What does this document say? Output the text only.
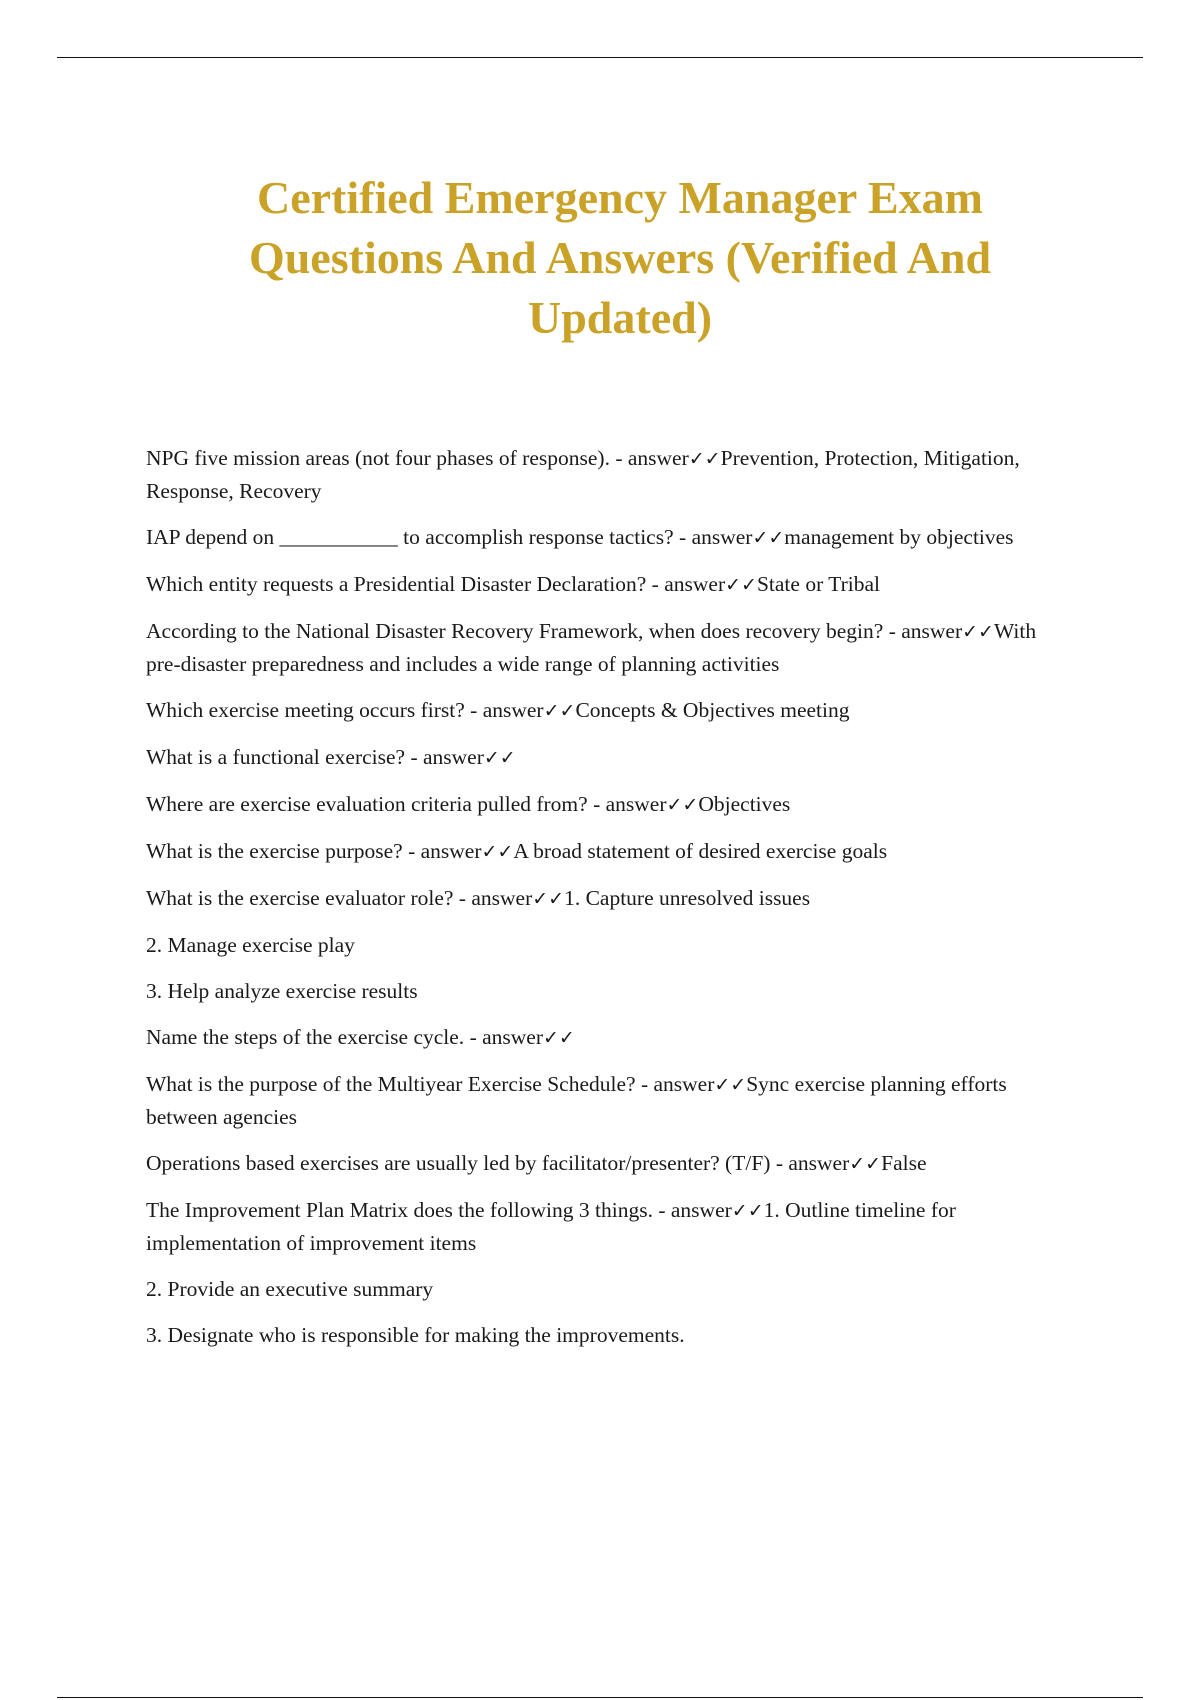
Certified Emergency Manager Exam
Questions And Answers (Verified And
Updated)

NPG five mission areas (not four phases of response). - answer✓✓Prevention, Protection, Mitigation, Response, Recovery

IAP depend on ___________ to accomplish response tactics? - answer✓✓management by objectives

Which entity requests a Presidential Disaster Declaration? - answer✓✓State or Tribal

According to the National Disaster Recovery Framework, when does recovery begin? - answer✓✓With pre-disaster preparedness and includes a wide range of planning activities

Which exercise meeting occurs first? - answer✓✓Concepts & Objectives meeting

What is a functional exercise? - answer✓✓

Where are exercise evaluation criteria pulled from? - answer✓✓Objectives

What is the exercise purpose? - answer✓✓A broad statement of desired exercise goals

What is the exercise evaluator role? - answer✓✓1. Capture unresolved issues

2. Manage exercise play

3. Help analyze exercise results

Name the steps of the exercise cycle. - answer✓✓

What is the purpose of the Multiyear Exercise Schedule? - answer✓✓Sync exercise planning efforts between agencies

Operations based exercises are usually led by facilitator/presenter? (T/F) - answer✓✓False

The Improvement Plan Matrix does the following 3 things. - answer✓✓1. Outline timeline for implementation of improvement items

2. Provide an executive summary

3. Designate who is responsible for making the improvements.
